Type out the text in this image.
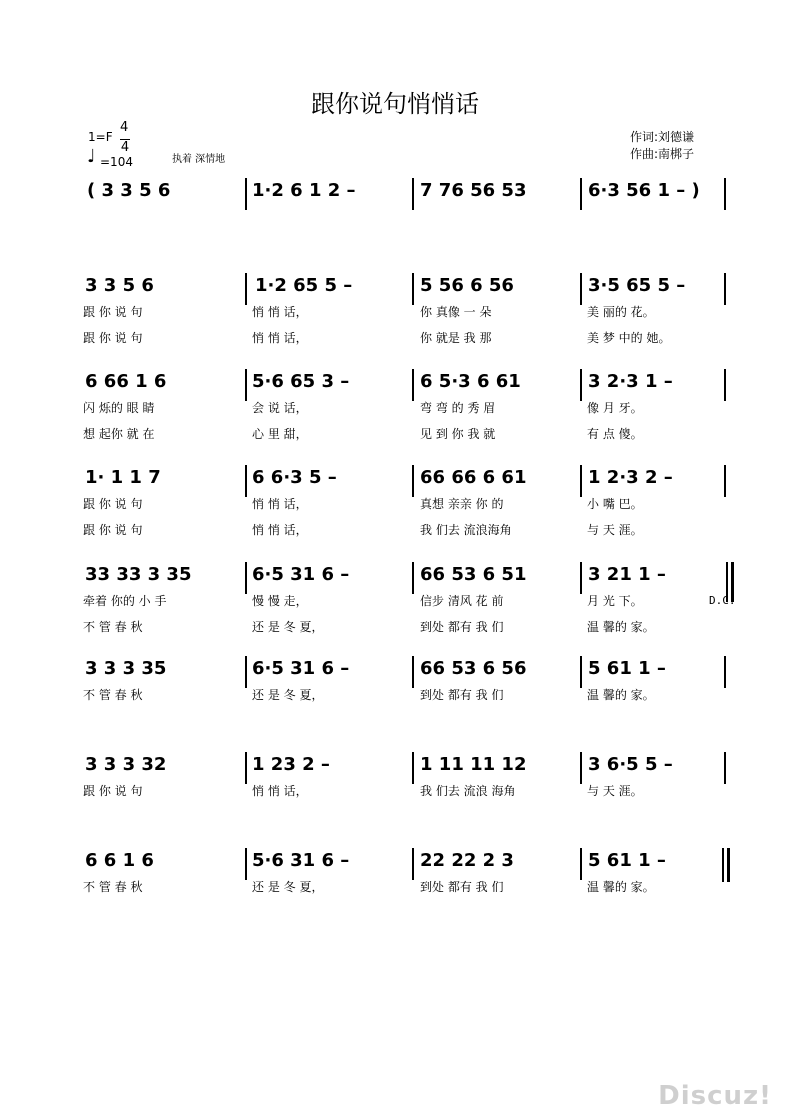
跟你说句悄悄话
1=F
4
4
♩ =104	执着 深情地
作词:刘德谦
作曲:南梆子
( 3 3 5 6	1·2 6 1 2 –	7 76 56 53	6·3 56 1 – )
3 3 5 6	1·2 65 5 –	5 56 6 56	3·5 65 5 –
跟 你 说 句	悄 悄 话，	你 真像 一 朵	美 丽的 花。
跟 你 说 句	悄 悄 话，	你 就是 我 那	美 梦 中的 她。
6 66 1 6	5·6 65 3 –	6 5·3 6 61	3 2·3 1 –
闪 烁的 眼 睛	会 说 话，	弯 弯 的 秀 眉	像 月 牙。
想 起你 就 在	心 里 甜，	见 到 你 我 就	有 点 傻。
1· 1 1 7	6 6·3 5 –	66 66 6 61	1 2·3 2 –
跟 你 说 句	悄 悄 话，	真想 亲亲 你 的	小 嘴 巴。
跟 你 说 句	悄 悄 话，	我 们去 流浪海角	与 天 涯。
33 33 3 35	6·5 31 6 –	66 53 6 51	3 21 1 –
D.C.
牵着 你的 小 手	慢 慢 走，	信步 清风 花 前	月 光 下。
不 管 春 秋	还 是 冬 夏，	到处 都有 我 们	温 馨的 家。
3 3 3 35	6·5 31 6 –	66 53 6 56	5 61 1 –
不 管 春 秋	还 是 冬 夏，	到处 都有 我 们	温 馨的 家。
3 3 3 32	1 23 2 –	1 11 11 12	3 6·5 5 –
跟 你 说 句	悄 悄 话，	我 们去 流浪 海角	与 天 涯。
6 6 1 6	5·6 31 6 –	22 22 2 3	5 61 1 –
不 管 春 秋	还 是 冬 夏，	到处 都有 我 们	温 馨的 家。
Discuz!
